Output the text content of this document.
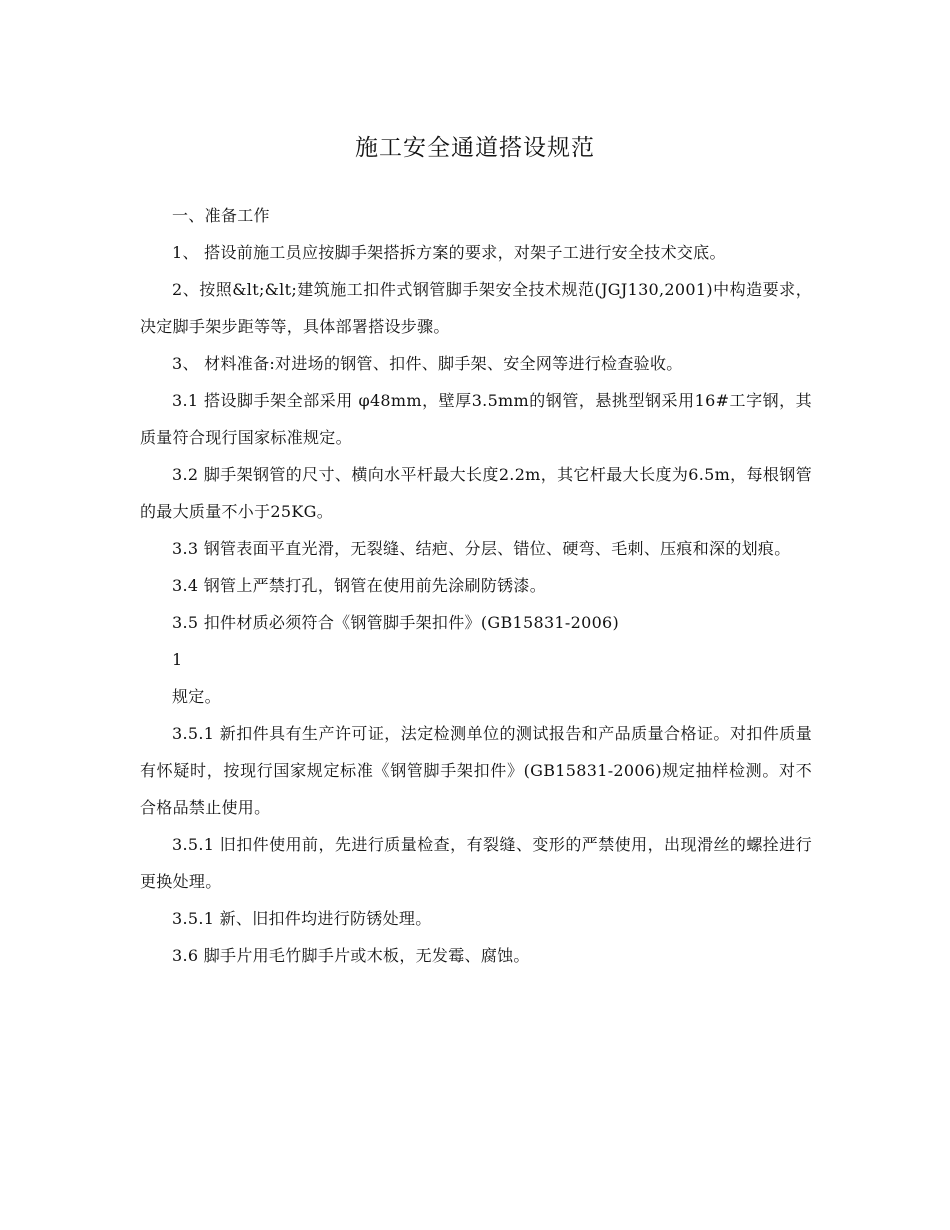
施工安全通道搭设规范

一、准备工作

1、 搭设前施工员应按脚手架搭拆方案的要求，对架子工进行安全技术交底。

2、按照&lt;&lt;建筑施工扣件式钢管脚手架安全技术规范(JGJ130,2001)中构造要求，决定脚手架步距等等，具体部署搭设步骤。

3、 材料准备:对进场的钢管、扣件、脚手架、安全网等进行检查验收。

3.1 搭设脚手架全部采用 φ48mm，壁厚3.5mm的钢管，悬挑型钢采用16#工字钢，其质量符合现行国家标准规定。

3.2 脚手架钢管的尺寸、横向水平杆最大长度2.2m，其它杆最大长度为6.5m，每根钢管的最大质量不小于25KG。

3.3 钢管表面平直光滑，无裂缝、结疤、分层、错位、硬弯、毛刺、压痕和深的划痕。

3.4 钢管上严禁打孔，钢管在使用前先涂刷防锈漆。

3.5 扣件材质必须符合《钢管脚手架扣件》(GB15831-2006)

1

规定。

3.5.1 新扣件具有生产许可证，法定检测单位的测试报告和产品质量合格证。对扣件质量有怀疑时，按现行国家规定标准《钢管脚手架扣件》(GB15831-2006)规定抽样检测。对不合格品禁止使用。

3.5.1 旧扣件使用前，先进行质量检查，有裂缝、变形的严禁使用，出现滑丝的螺拴进行更换处理。

3.5.1 新、旧扣件均进行防锈处理。

3.6 脚手片用毛竹脚手片或木板，无发霉、腐蚀。
